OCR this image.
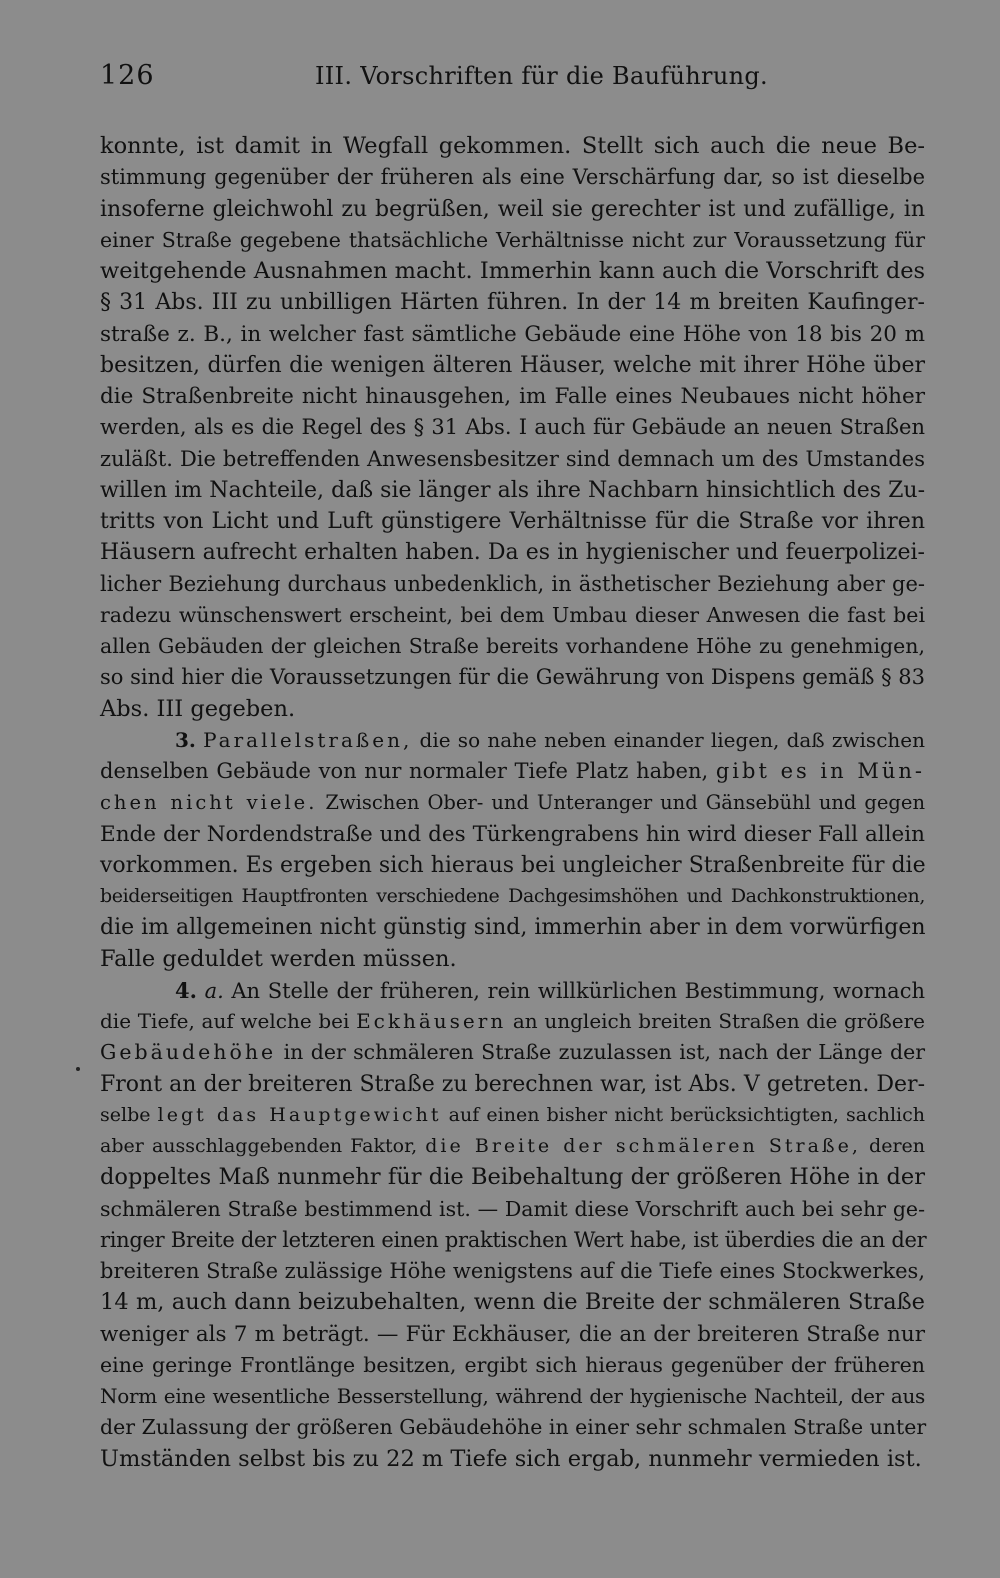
126	III. Vorschriften für die Bauführung.
konnte, ist damit in Wegfall gekommen. Stellt sich auch die neue Be-
stimmung gegenüber der früheren als eine Verschärfung dar, so ist dieselbe
insoferne gleichwohl zu begrüßen, weil sie gerechter ist und zufällige, in
einer Straße gegebene thatsächliche Verhältnisse nicht zur Voraussetzung für
weitgehende Ausnahmen macht. Immerhin kann auch die Vorschrift des
§ 31 Abs. III zu unbilligen Härten führen. In der 14 m breiten Kaufinger-
straße z. B., in welcher fast sämtliche Gebäude eine Höhe von 18 bis 20 m
besitzen, dürfen die wenigen älteren Häuser, welche mit ihrer Höhe über
die Straßenbreite nicht hinausgehen, im Falle eines Neubaues nicht höher
werden, als es die Regel des § 31 Abs. I auch für Gebäude an neuen Straßen
zuläßt. Die betreffenden Anwesensbesitzer sind demnach um des Umstandes
willen im Nachteile, daß sie länger als ihre Nachbarn hinsichtlich des Zu-
tritts von Licht und Luft günstigere Verhältnisse für die Straße vor ihren
Häusern aufrecht erhalten haben. Da es in hygienischer und feuerpolizei-
licher Beziehung durchaus unbedenklich, in ästhetischer Beziehung aber ge-
radezu wünschenswert erscheint, bei dem Umbau dieser Anwesen die fast bei
allen Gebäuden der gleichen Straße bereits vorhandene Höhe zu genehmigen,
so sind hier die Voraussetzungen für die Gewährung von Dispens gemäß § 83
Abs. III gegeben.
3. Parallelstraßen, die so nahe neben einander liegen, daß zwischen
denselben Gebäude von nur normaler Tiefe Platz haben, gibt es in Mün-
chen nicht viele. Zwischen Ober- und Unteranger und Gänsebühl und gegen
Ende der Nordendstraße und des Türkengrabens hin wird dieser Fall allein
vorkommen. Es ergeben sich hieraus bei ungleicher Straßenbreite für die
beiderseitigen Hauptfronten verschiedene Dachgesimshöhen und Dachkonstruktionen,
die im allgemeinen nicht günstig sind, immerhin aber in dem vorwürfigen
Falle geduldet werden müssen.
4. a. An Stelle der früheren, rein willkürlichen Bestimmung, wornach
die Tiefe, auf welche bei Eckhäusern an ungleich breiten Straßen die größere
Gebäudehöhe in der schmäleren Straße zuzulassen ist, nach der Länge der
Front an der breiteren Straße zu berechnen war, ist Abs. V getreten. Der-
selbe legt das Hauptgewicht auf einen bisher nicht berücksichtigten, sachlich
aber ausschlaggebenden Faktor, die Breite der schmäleren Straße, deren
doppeltes Maß nunmehr für die Beibehaltung der größeren Höhe in der
schmäleren Straße bestimmend ist. — Damit diese Vorschrift auch bei sehr ge-
ringer Breite der letzteren einen praktischen Wert habe, ist überdies die an der
breiteren Straße zulässige Höhe wenigstens auf die Tiefe eines Stockwerkes,
14 m, auch dann beizubehalten, wenn die Breite der schmäleren Straße
weniger als 7 m beträgt. — Für Eckhäuser, die an der breiteren Straße nur
eine geringe Frontlänge besitzen, ergibt sich hieraus gegenüber der früheren
Norm eine wesentliche Besserstellung, während der hygienische Nachteil, der aus
der Zulassung der größeren Gebäudehöhe in einer sehr schmalen Straße unter
Umständen selbst bis zu 22 m Tiefe sich ergab, nunmehr vermieden ist.
